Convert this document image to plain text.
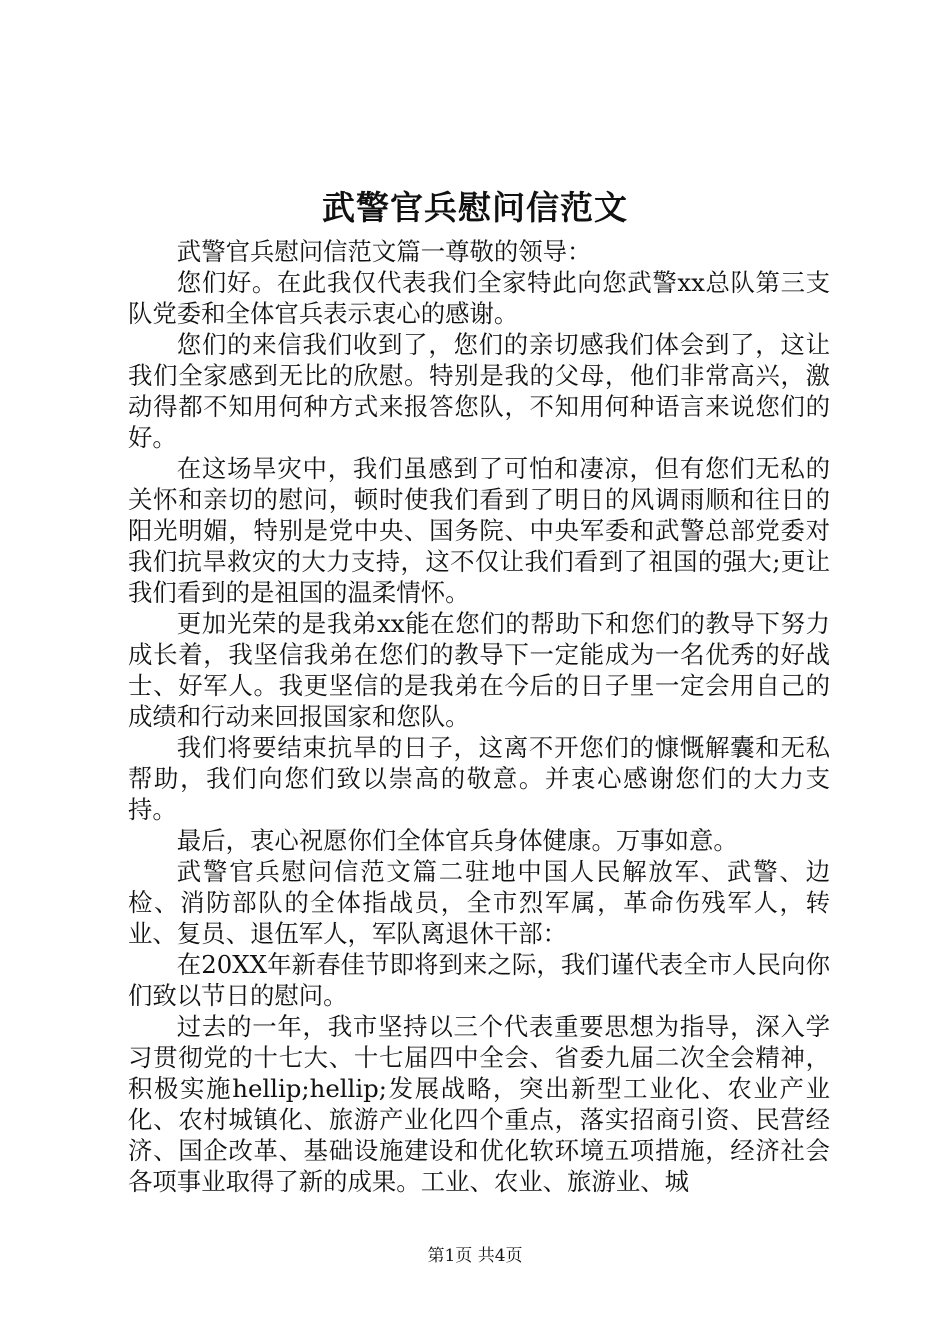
武警官兵慰问信范文

武警官兵慰问信范文篇一尊敬的领导：

您们好。在此我仅代表我们全家特此向您武警xx总队第三支队党委和全体官兵表示衷心的感谢。

您们的来信我们收到了，您们的亲切感我们体会到了，这让我们全家感到无比的欣慰。特别是我的父母，他们非常高兴，激动得都不知用何种方式来报答您队，不知用何种语言来说您们的好。

在这场旱灾中，我们虽感到了可怕和凄凉，但有您们无私的关怀和亲切的慰问，顿时使我们看到了明日的风调雨顺和往日的阳光明媚，特别是党中央、国务院、中央军委和武警总部党委对我们抗旱救灾的大力支持，这不仅让我们看到了祖国的强大;更让我们看到的是祖国的温柔情怀。

更加光荣的是我弟xx能在您们的帮助下和您们的教导下努力成长着，我坚信我弟在您们的教导下一定能成为一名优秀的好战士、好军人。我更坚信的是我弟在今后的日子里一定会用自己的成绩和行动来回报国家和您队。

我们将要结束抗旱的日子，这离不开您们的慷慨解囊和无私帮助，我们向您们致以崇高的敬意。并衷心感谢您们的大力支持。

最后，衷心祝愿你们全体官兵身体健康。万事如意。

武警官兵慰问信范文篇二驻地中国人民解放军、武警、边检、消防部队的全体指战员，全市烈军属，革命伤残军人，转业、复员、退伍军人，军队离退休干部：

在20XX年新春佳节即将到来之际，我们谨代表全市人民向你们致以节日的慰问。

过去的一年，我市坚持以三个代表重要思想为指导，深入学习贯彻党的十七大、十七届四中全会、省委九届二次全会精神，积极实施hellip;hellip;发展战略，突出新型工业化、农业产业化、农村城镇化、旅游产业化四个重点，落实招商引资、民营经济、国企改革、基础设施建设和优化软环境五项措施，经济社会各项事业取得了新的成果。工业、农业、旅游业、城

第1页 共4页
